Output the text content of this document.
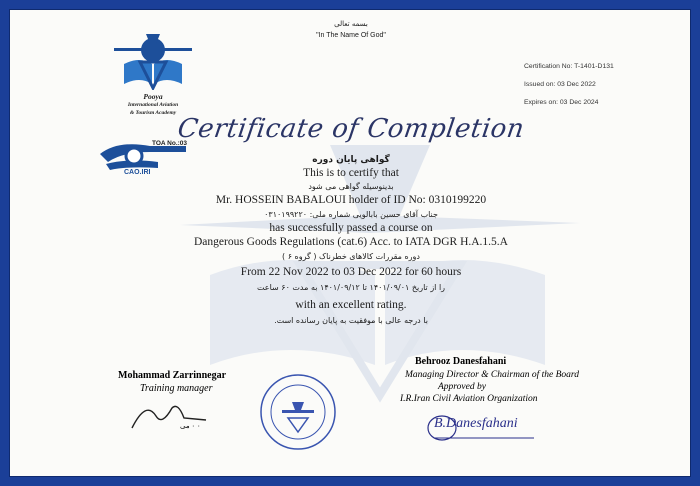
بسمه تعالی
"In The Name Of God"
Pooya
International Aviation
& Tourism Academy
TOA No.:03
CAO.IRI
Certification No: T-1401-D131
Issued on: 03 Dec 2022
Expires on: 03 Dec 2024
Certificate of Completion
گواهی پایان دوره
This is to certify that
بدینوسیله گواهی می شود
Mr. HOSSEIN BABALOUI holder of ID No: 0310199220
جناب آقای حسین بابالویی شماره ملی: ۰۳۱۰۱۹۹۲۲۰
has successfully passed a course on
Dangerous Goods Regulations (cat.6) Acc. to IATA DGR H.A.1.5.A
دوره مقررات کالاهای خطرناک ( گروه ۶ )
From 22 Nov 2022 to 03 Dec 2022 for 60 hours
را از تاریخ ۱۴۰۱/۰۹/۰۱ تا ۱۴۰۱/۰۹/۱۲ به مدت ۶۰ ساعت
with an excellent rating.
با درجه عالی با موفقیت به پایان رسانده است.
Mohammad Zarrinnegar
Training manager
۰ ۰ می
Behrooz Danesfahani
Managing Director & Chairman of the Board
Approved by
I.R.Iran Civil Aviation Organization
B.Danesfahani
